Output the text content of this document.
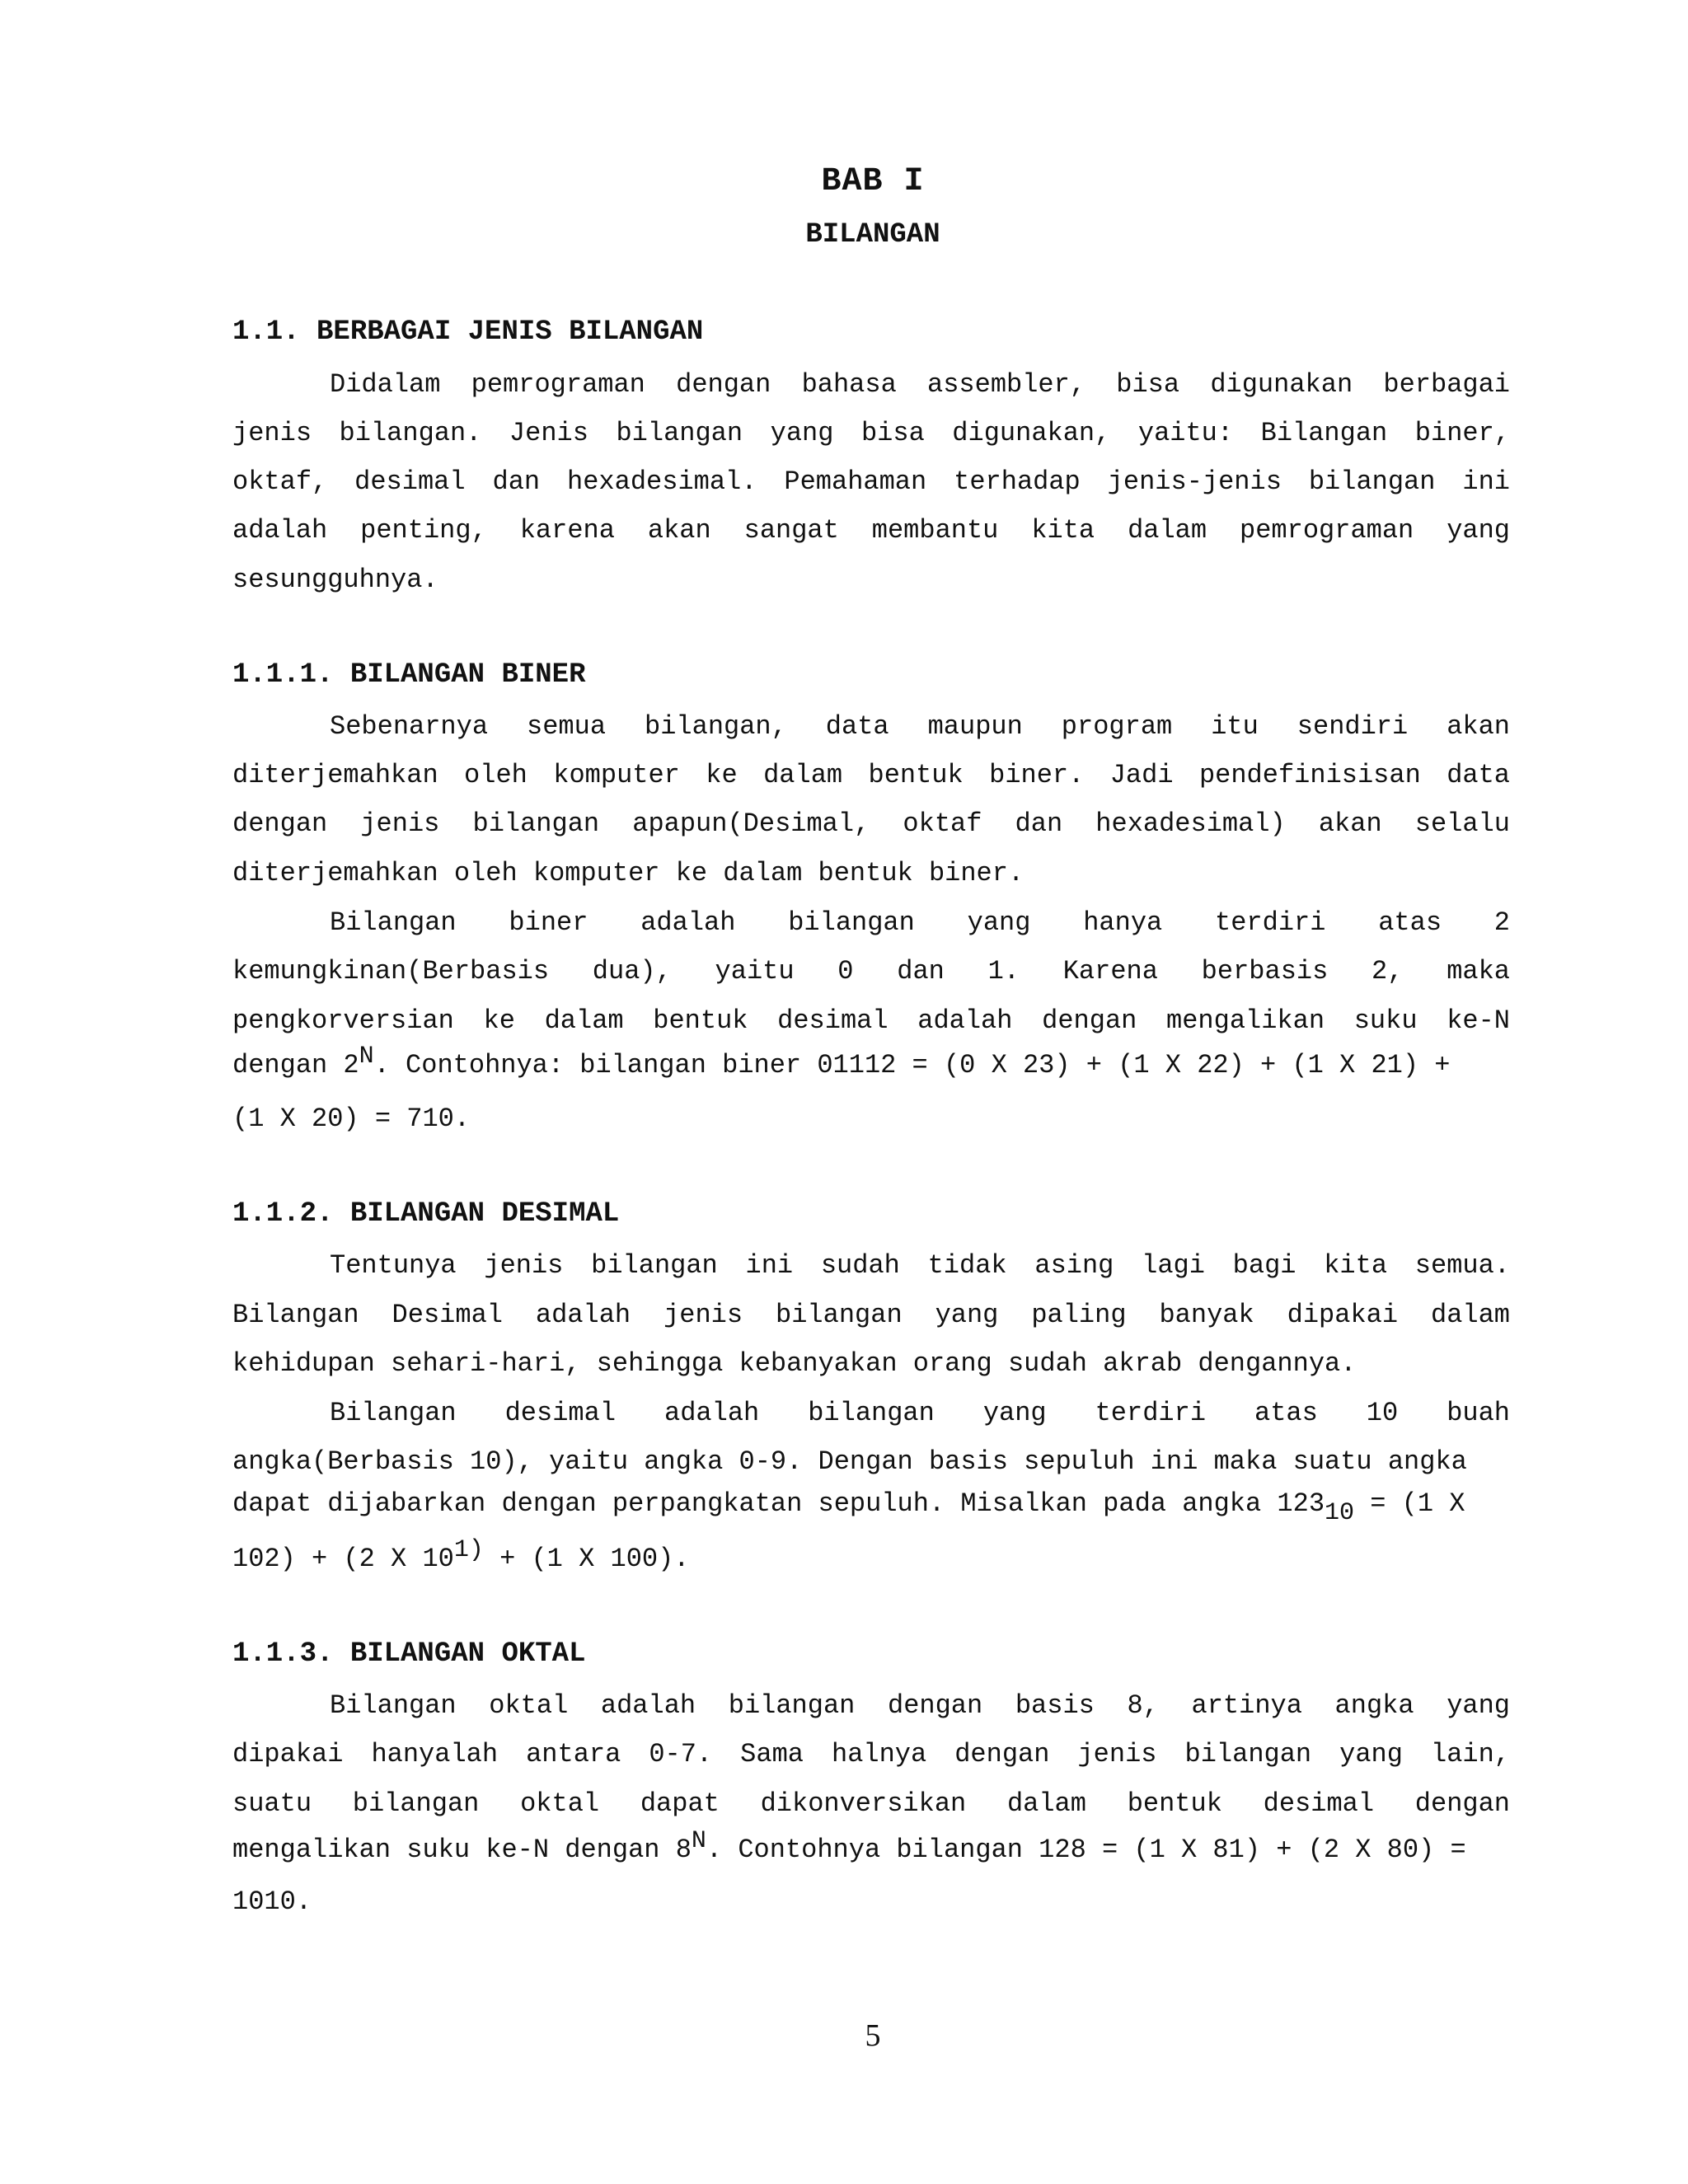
BAB I
BILANGAN
1.1. BERBAGAI JENIS BILANGAN

Didalam pemrograman dengan bahasa assembler, bisa digunakan berbagai

jenis bilangan. Jenis bilangan yang bisa digunakan, yaitu: Bilangan biner,

oktaf, desimal dan hexadesimal. Pemahaman terhadap jenis-jenis bilangan ini

adalah penting, karena akan sangat membantu kita dalam pemrograman yang

sesungguhnya.

1.1.1. BILANGAN BINER

Sebenarnya semua bilangan, data maupun program itu sendiri akan

diterjemahkan oleh komputer ke dalam bentuk biner. Jadi pendefinisisan data

dengan jenis bilangan apapun(Desimal, oktaf dan hexadesimal) akan selalu

diterjemahkan oleh komputer ke dalam bentuk biner.

Bilangan biner adalah bilangan yang hanya terdiri atas 2

kemungkinan(Berbasis dua), yaitu 0 dan 1. Karena berbasis 2, maka

pengkorversian ke dalam bentuk desimal adalah dengan mengalikan suku ke-N

dengan 2N. Contohnya: bilangan biner 01112 = (0 X 23) + (1 X 22) + (1 X 21) +

(1 X 20) = 710.

1.1.2. BILANGAN DESIMAL

Tentunya jenis bilangan ini sudah tidak asing lagi bagi kita semua.

Bilangan Desimal adalah jenis bilangan yang paling banyak dipakai dalam

kehidupan sehari-hari, sehingga kebanyakan orang sudah akrab dengannya.

Bilangan desimal adalah bilangan yang terdiri atas 10 buah

angka(Berbasis 10), yaitu angka 0-9. Dengan basis sepuluh ini maka suatu angka

dapat dijabarkan dengan perpangkatan sepuluh. Misalkan pada angka 12310 = (1 X

102) + (2 X 101) + (1 X 100).

1.1.3. BILANGAN OKTAL

Bilangan oktal adalah bilangan dengan basis 8, artinya angka yang

dipakai hanyalah antara 0-7. Sama halnya dengan jenis bilangan yang lain,

suatu bilangan oktal dapat dikonversikan dalam bentuk desimal dengan

mengalikan suku ke-N dengan 8N. Contohnya bilangan 128 = (1 X 81) + (2 X 80) =

1010.

5
